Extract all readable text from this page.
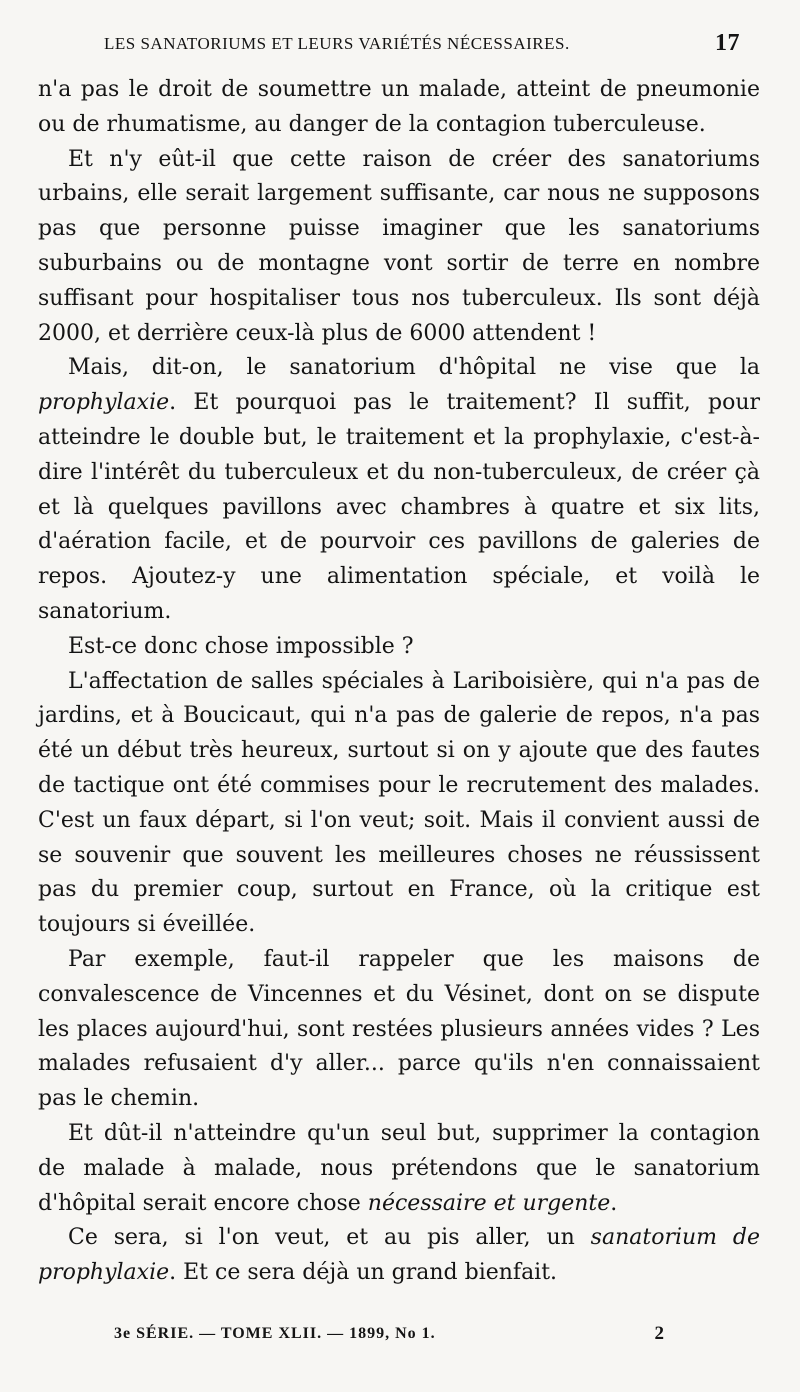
LES SANATORIUMS ET LEURS VARIÉTÉS NÉCESSAIRES.	17

n'a pas le droit de soumettre un malade, atteint de pneumonie ou de rhumatisme, au danger de la contagion tuberculeuse.

Et n'y eût-il que cette raison de créer des sanatoriums urbains, elle serait largement suffisante, car nous ne supposons pas que personne puisse imaginer que les sanatoriums suburbains ou de montagne vont sortir de terre en nombre suffisant pour hospitaliser tous nos tuberculeux. Ils sont déjà 2000, et derrière ceux-là plus de 6000 attendent !

Mais, dit-on, le sanatorium d'hôpital ne vise que la prophylaxie. Et pourquoi pas le traitement? Il suffit, pour atteindre le double but, le traitement et la prophylaxie, c'est-à-dire l'intérêt du tuberculeux et du non-tuberculeux, de créer çà et là quelques pavillons avec chambres à quatre et six lits, d'aération facile, et de pourvoir ces pavillons de galeries de repos. Ajoutez-y une alimentation spéciale, et voilà le sanatorium.

Est-ce donc chose impossible ?

L'affectation de salles spéciales à Lariboisière, qui n'a pas de jardins, et à Boucicaut, qui n'a pas de galerie de repos, n'a pas été un début très heureux, surtout si on y ajoute que des fautes de tactique ont été commises pour le recrutement des malades. C'est un faux départ, si l'on veut; soit. Mais il convient aussi de se souvenir que souvent les meilleures choses ne réussissent pas du premier coup, surtout en France, où la critique est toujours si éveillée.

Par exemple, faut-il rappeler que les maisons de convalescence de Vincennes et du Vésinet, dont on se dispute les places aujourd'hui, sont restées plusieurs années vides ? Les malades refusaient d'y aller... parce qu'ils n'en connaissaient pas le chemin.

Et dût-il n'atteindre qu'un seul but, supprimer la contagion de malade à malade, nous prétendons que le sanatorium d'hôpital serait encore chose nécessaire et urgente.

Ce sera, si l'on veut, et au pis aller, un sanatorium de prophylaxie. Et ce sera déjà un grand bienfait.

3e SÉRIE. — TOME XLII. — 1899, No 1.	2
